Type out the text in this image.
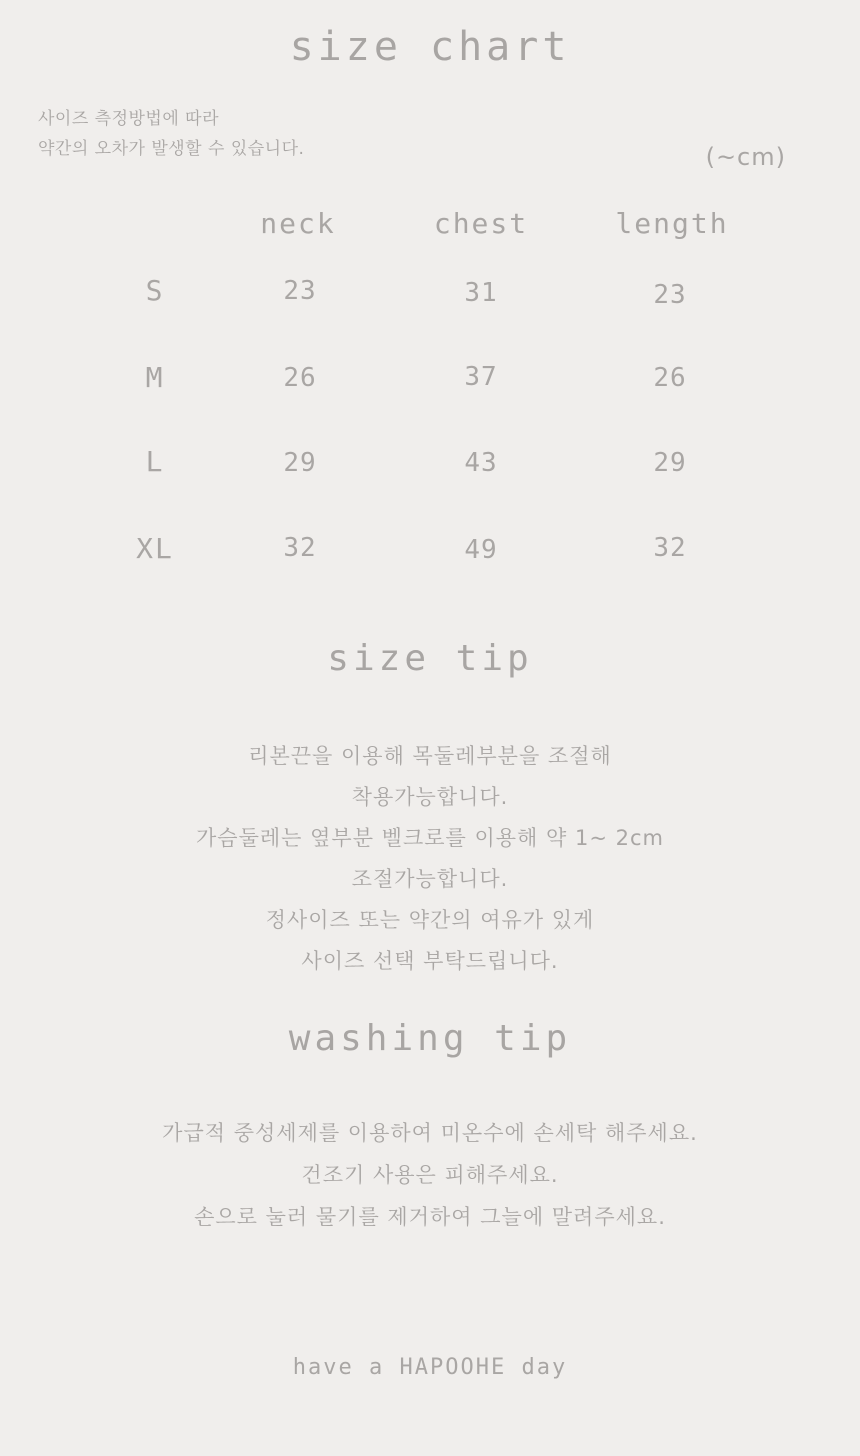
size chart
사이즈 측정방법에 따라
약간의 오차가 발생할 수 있습니다.	(~cm)
	neck	chest	length
S	23	31	23
M	26	37	26
L	29	43	29
XL	32	49	32
size tip
리본끈을 이용해 목둘레부분을 조절해
착용가능합니다.
가슴둘레는 옆부분 벨크로를 이용해 약 1~ 2cm
조절가능합니다.
정사이즈 또는 약간의 여유가 있게
사이즈 선택 부탁드립니다.
washing tip
가급적 중성세제를 이용하여 미온수에 손세탁 해주세요.
건조기 사용은 피해주세요.
손으로 눌러 물기를 제거하여 그늘에 말려주세요.
have a HAPOOHE day
